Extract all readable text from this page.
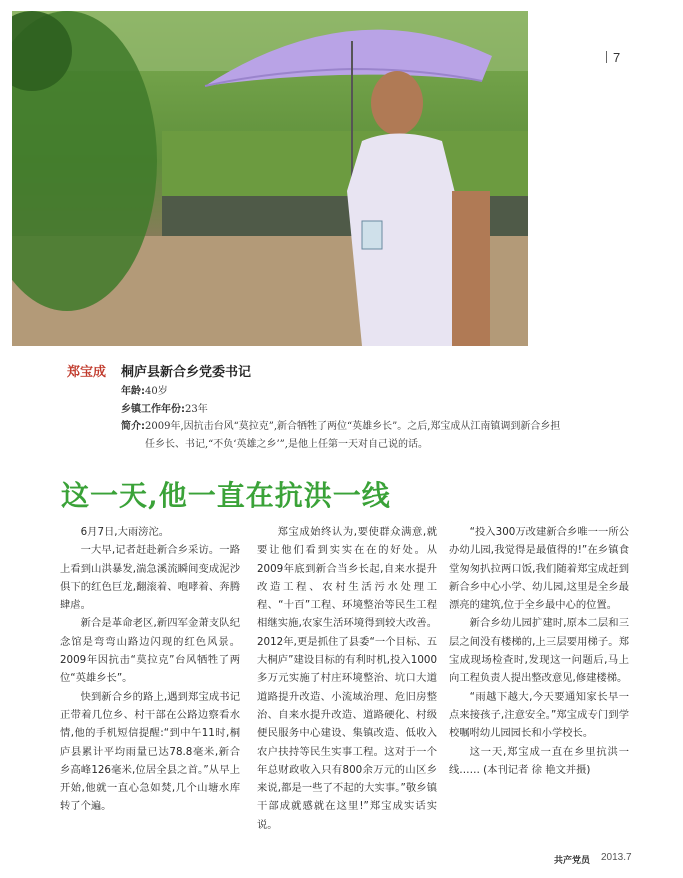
7
郑宝成 桐庐县新合乡党委书记
年龄:40岁
乡镇工作年份:23年
简介:2009年,因抗击台风“莫拉克”,新合牺牲了两位“英雄乡长”。之后,郑宝成从江南镇调到新合乡担
任乡长、书记,“不负‘英雄之乡’”,是他上任第一天对自己说的话。
这一天,他一直在抗洪一线

6月7日,大雨滂沱。

一大早,记者赶赴新合乡采访。一路上看到山洪暴发,湍急溪流瞬间变成泥沙俱下的红色巨龙,翻滚着、咆哮着、奔腾肆虐。

新合是革命老区,新四军金萧支队纪念馆是弯弯山路边闪现的红色风景。2009年因抗击“莫拉克”台风牺牲了两位“英雄乡长”。

快到新合乡的路上,遇到郑宝成书记正带着几位乡、村干部在公路边察看水情,他的手机短信提醒:“到中午11时,桐庐县累计平均雨量已达78.8毫米,新合乡高峰126毫米,位居全县之首。”从早上开始,他就一直心急如焚,几个山塘水库转了个遍。

郑宝成始终认为,要使群众满意,就要让他们看到实实在在的好处。从2009年底到新合当乡长起,自来水提升改造工程、农村生活污水处理工程、“十百”工程、环境整治等民生工程相继实施,农家生活环境得到较大改善。2012年,更是抓住了县委“一个目标、五大桐庐”建设目标的有利时机,投入1000多万元实施了村庄环境整治、坑口大道道路提升改造、小流域治理、危旧房整治、自来水提升改造、道路硬化、村级便民服务中心建设、集镇改造、低收入农户扶持等民生实事工程。这对于一个年总财政收入只有800余万元的山区乡来说,都是一些了不起的大实事。”敬乡镇干部成就感就在这里!”郑宝成实话实说。

“投入300万改建新合乡唯一一所公办幼儿园,我觉得是最值得的!”在乡镇食堂匆匆扒拉两口饭,我们随着郑宝成赶到新合乡中心小学、幼儿园,这里是全乡最漂亮的建筑,位于全乡最中心的位置。

新合乡幼儿园扩建时,原本二层和三层之间没有楼梯的,上三层要用梯子。郑宝成现场检查时,发现这一问题后,马上向工程负责人提出整改意见,修建楼梯。

“雨越下越大,今天要通知家长早一点来接孩子,注意安全。”郑宝成专门到学校嘱咐幼儿园园长和小学校长。

这一天,郑宝成一直在乡里抗洪一线…… (本刊记者 徐 艳文并摄)

共产党员 2013.7
